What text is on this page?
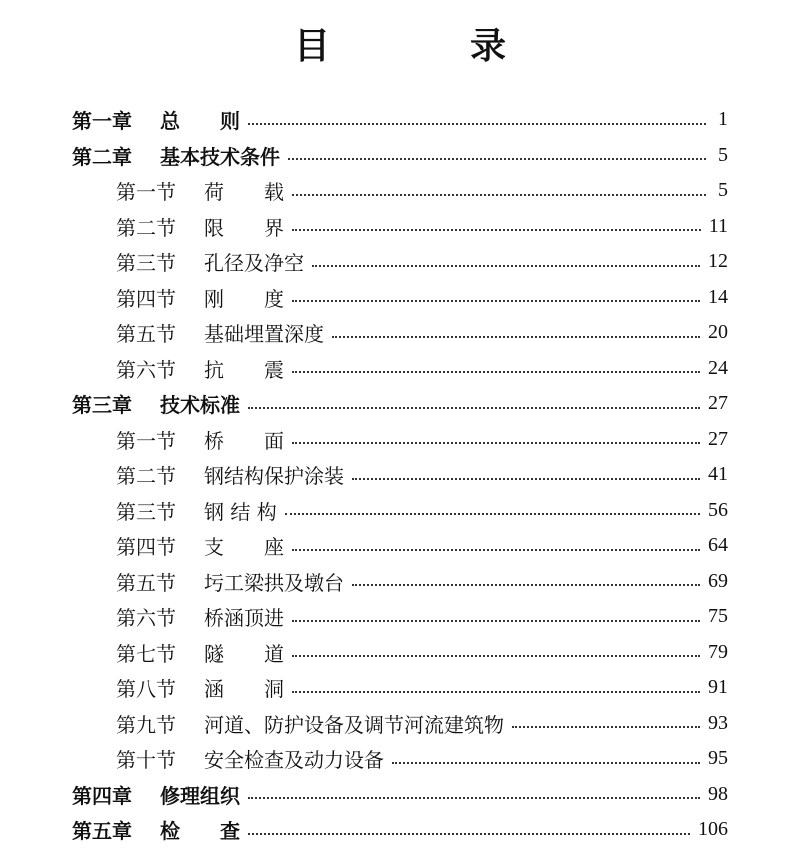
目　录
第一章 总　　则	1
第二章 基本技术条件	5
第一节 荷　　载	5
第二节 限　　界	11
第三节 孔径及净空	12
第四节 刚　　度	14
第五节 基础埋置深度	20
第六节 抗　　震	24
第三章 技术标准	27
第一节 桥　　面	27
第二节 钢结构保护涂装	41
第三节 钢 结 构	56
第四节 支　　座	64
第五节 圬工梁拱及墩台	69
第六节 桥涵顶进	75
第七节 隧　　道	79
第八节 涵　　洞	91
第九节 河道、防护设备及调节河流建筑物	93
第十节 安全检查及动力设备	95
第四章 修理组织	98
第五章 检　　查	106
